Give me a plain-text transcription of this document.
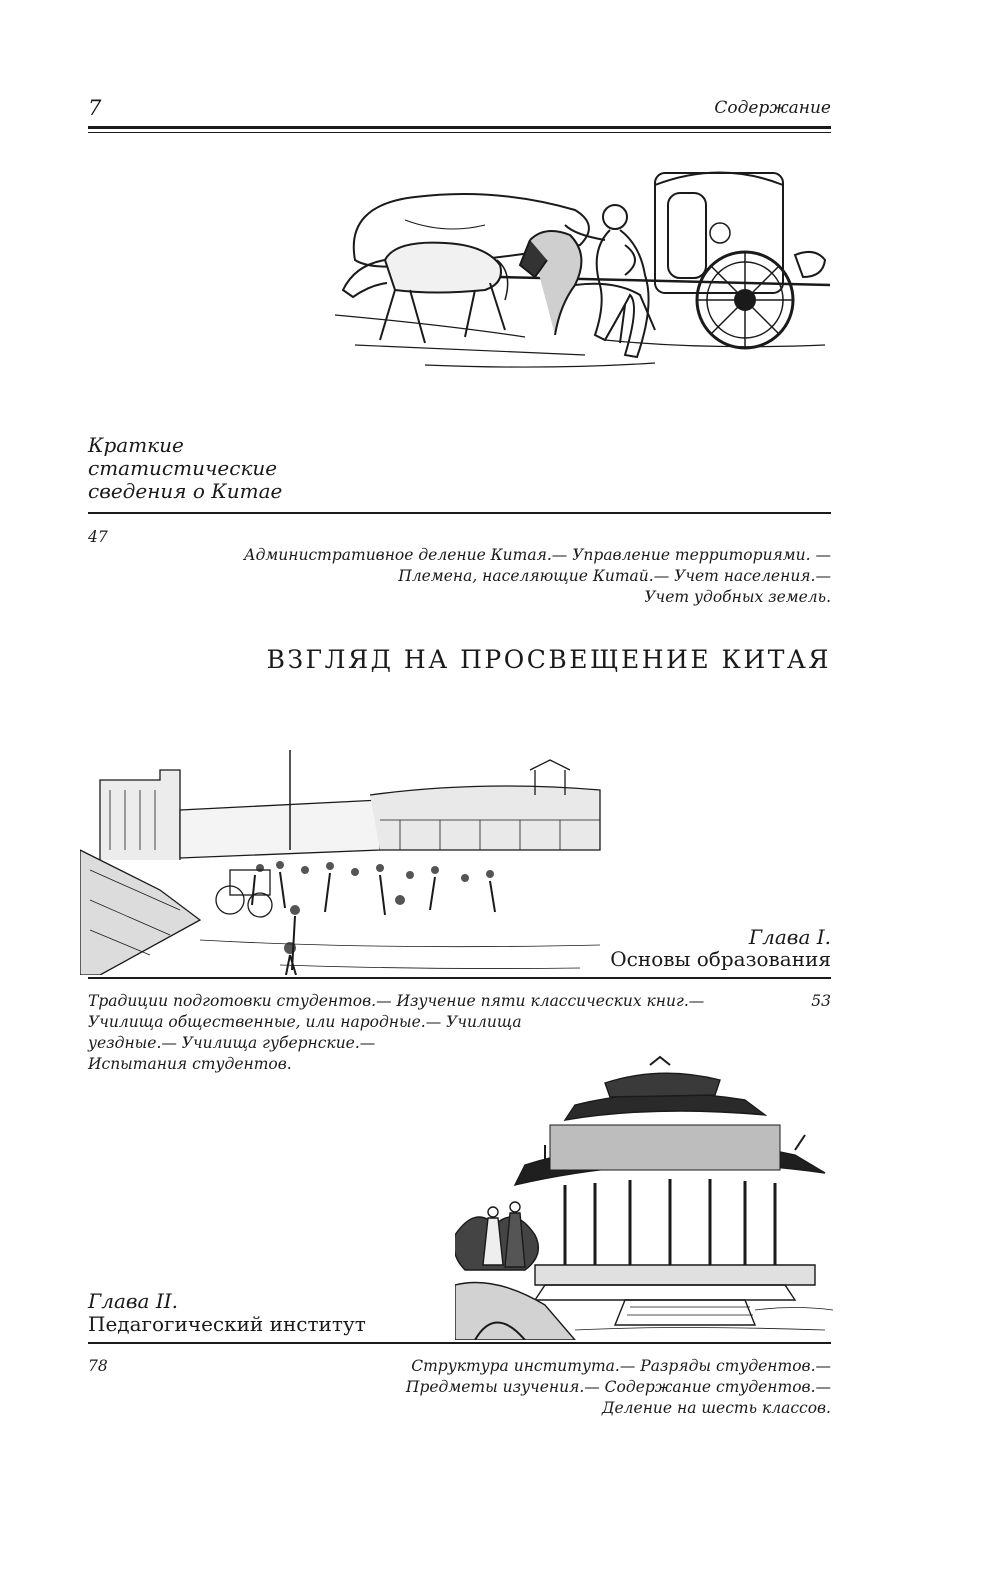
7	Содержание
Краткие
статистические
сведения о Китае
47
Административное деление Китая.— Управление территориями. —
Племена, населяющие Китай.— Учет населения.—
Учет удобных земель.
ВЗГЛЯД НА ПРОСВЕЩЕНИЕ КИТАЯ
Глава I.
Основы образования
Традиции подготовки студентов.— Изучение пяти классических книг.—
Училища общественные, или народные.— Училища
уездные.— Училища губернские.—
Испытания студентов.
53
Глава II.
Педагогический институт
78	Структура института.— Разряды студентов.—
Предметы изучения.— Содержание студентов.—
Деление на шесть классов.
